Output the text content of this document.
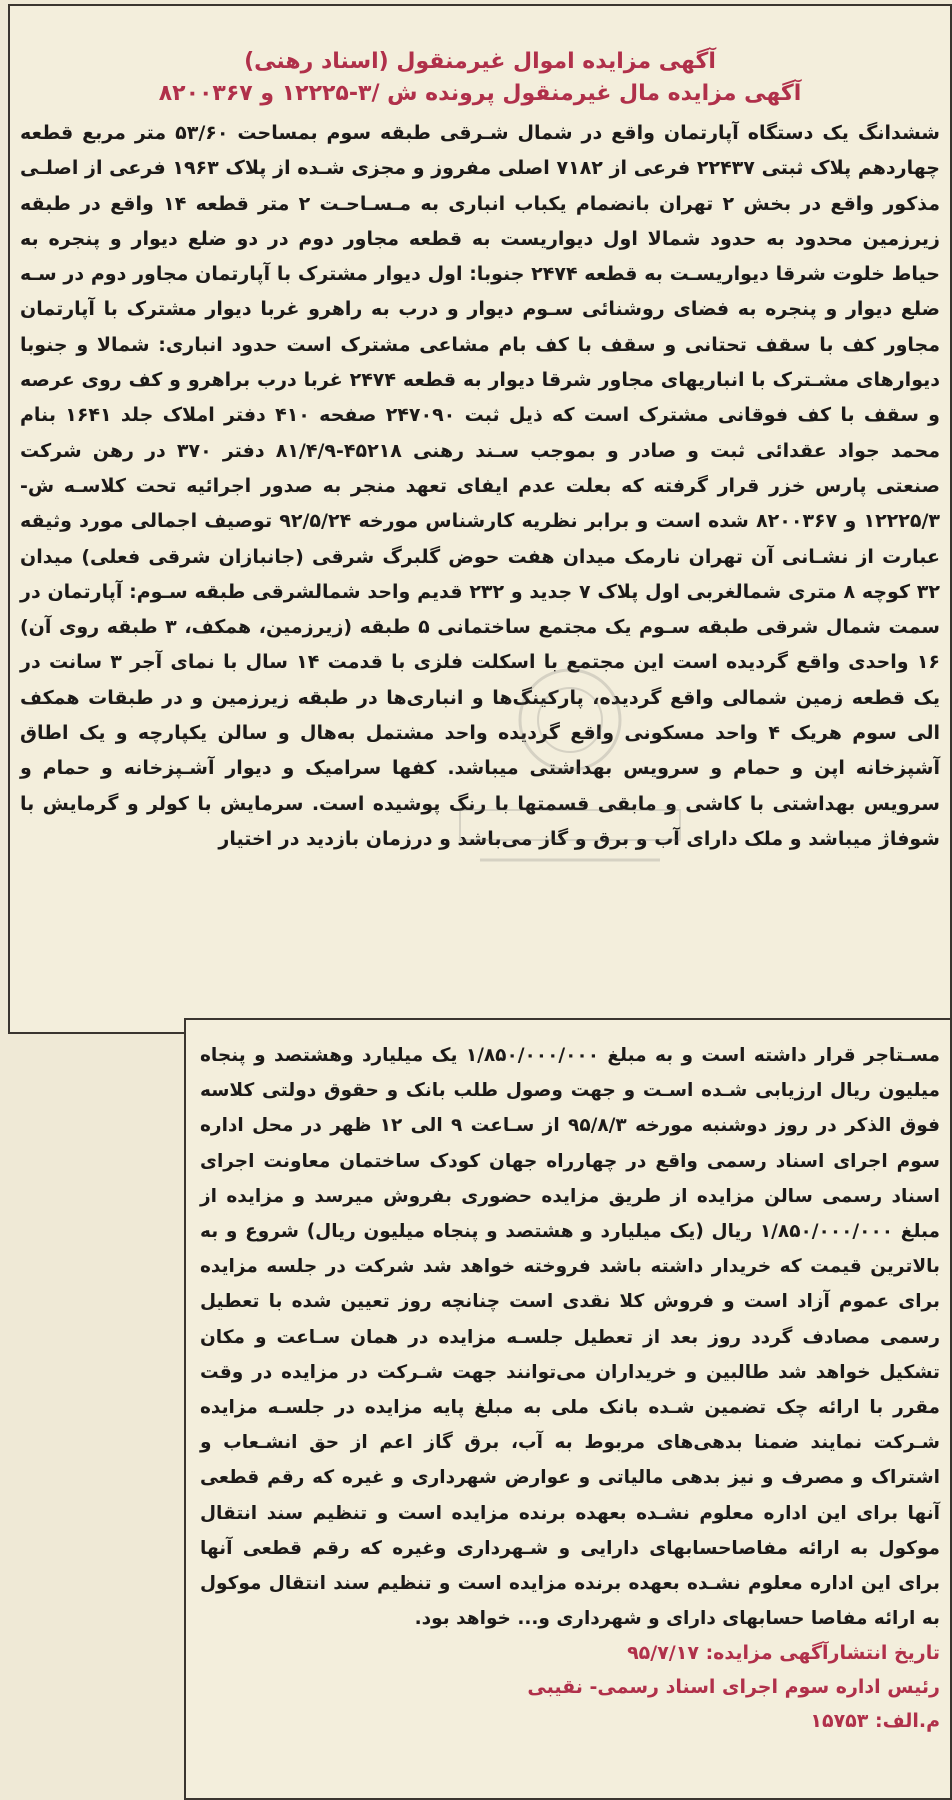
آگهی مزایده اموال غیرمنقول (اسناد رهنی)

آگهی مزایده مال غیرمنقول پرونده ش /۳-۱۲۲۲۵ و ۸۲۰۰۳۶۷

ششدانگ یک دستگاه آپارتمان واقع در شمال شـرقی طبقه سوم بمساحت ۵۳/۶۰ متر مربع قطعه چهاردهم پلاک ثبتی ۲۲۴۳۷ فرعی از ۷۱۸۲ اصلی مفروز و مجزی شـده از پلاک ۱۹۶۳ فرعی از اصلـی مذکور واقع در بخش ۲ تهران بانضمام یکباب انباری به مـسـاحـت ۲ متر قطعه ۱۴ واقع در طبقه زیرزمین محدود به حدود شمالا اول دیواریست به قطعه مجاور دوم در دو ضلع دیوار و پنجره به حیاط خلوت شرقا دیواریسـت به قطعه ۲۴۷۴ جنوبا: اول دیوار مشترک با آپارتمان مجاور دوم در سـه ضلع دیوار و پنجره به فضای روشنائی سـوم دیوار و درب به راهرو غربا دیوار مشترک با آپارتمان مجاور کف با سقف تحتانی و سقف با کف بام مشاعی مشترک است حدود انباری: شمالا و جنوبا دیوارهای مشـترک با انباریهای مجاور شرقا دیوار به قطعه ۲۴۷۴ غربا درب براهرو و کف روی عرصه و سقف با کف فوقانی مشترک است که ذیل ثبت ۲۴۷۰۹۰ صفحه ۴۱۰ دفتر املاک جلد ۱۶۴۱ بنام محمد جواد عقدائی ثبت و صادر و بموجب سـند رهنی ۴۵۲۱۸-۸۱/۴/۹ دفتر ۳۷۰ در رهن شرکت صنعتی پارس خزر قرار گرفته که بعلت عدم ایفای تعهد منجر به صدور اجرائیه تحت کلاسـه ش- ۱۲۲۲۵/۳ و ۸۲۰۰۳۶۷ شده است و برابر نظریه کارشناس مورخه ۹۲/۵/۲۴ توصیف اجمالی مورد وثیقه عبارت از نشـانی آن تهران نارمک میدان هفت حوض گلبرگ شرقی (جانبازان شرقی فعلی) میدان ۳۲ کوچه ۸ متری شمالغربی اول پلاک ۷ جدید و ۲۳۲ قدیم واحد شمالشرقی طبقه سـوم: آپارتمان در سمت شمال شرقی طبقه سـوم یک مجتمع ساختمانی ۵ طبقه (زیرزمین، همکف، ۳ طبقه روی آن) ۱۶ واحدی واقع گردیده است این مجتمع با اسکلت فلزی با قدمت ۱۴ سال با نمای آجر ۳ سانت در یک قطعه زمین شمالی واقع گردیده، پارکینگ‌ها و انباری‌ها در طبقه زیرزمین و در طبقات همکف الی سوم هریک ۴ واحد مسکونی واقع گردیده واحد مشتمل به‌هال و سالن یکپارچه و یک اطاق آشپزخانه اپن و حمام و سرویس بهداشتی میباشد. کفها سرامیک و دیوار آشـپزخانه و حمام و سرویس بهداشتی با کاشی و مابقی قسمتها با رنگ پوشیده است. سرمایش با کولر و گرمایش با شوفاژ میباشد و ملک دارای آب و برق و گاز می‌باشد و درزمان بازدید در اختیار

مسـتاجر قرار داشته است و به مبلغ ۱/۸۵۰/۰۰۰/۰۰۰ یک میلیارد وهشتصد و پنجاه میلیون ریال ارزیابی شـده اسـت و جهت وصول طلب بانک و حقوق دولتی کلاسه فوق الذکر در روز دوشنبه مورخه ۹۵/۸/۳ از سـاعت ۹ الی ۱۲ ظهر در محل اداره سوم اجرای اسناد رسمی واقع در چهارراه جهان کودک ساختمان معاونت اجرای اسناد رسمی سالن مزایده از طریق مزایده حضوری بفروش میرسد و مزایده از مبلغ ۱/۸۵۰/۰۰۰/۰۰۰ ریال (یک میلیارد و هشتصد و پنجاه میلیون ریال) شروع و به بالاترین قیمت که خریدار داشته باشد فروخته خواهد شد شرکت در جلسه مزایده برای عموم آزاد است و فروش کلا نقدی است چنانچه روز تعیین شده با تعطیل رسمی مصادف گردد روز بعد از تعطیل جلسـه مزایده در همان سـاعت و مکان تشکیل خواهد شد طالبین و خریداران می‌توانند جهت شـرکت در مزایده در وقت مقرر با ارائه چک تضمین شـده بانک ملی به مبلغ پایه مزایده در جلسـه مزایده شـرکت نمایند ضمنا بدهی‌های مربوط به آب، برق گاز اعم از حق انشـعاب و اشتراک و مصرف و نیز بدهی مالیاتی و عوارض شهرداری و غیره که رقم قطعی آنها برای این اداره معلوم نشـده بعهده برنده مزایده است و تنظیم سند انتقال موکول به ارائه مفاصاحسابهای دارایی و شـهرداری وغیره که رقم قطعی آنها برای این اداره معلوم نشـده بعهده برنده مزایده است و تنظیم سند انتقال موکول به ارائه مفاصا حسابهای دارای و شهرداری و... خواهد بود.

تاریخ انتشارآگهی مزایده: ۹۵/۷/۱۷

رئیس اداره سوم اجرای اسناد رسمی- نقیبی

م.الف: ۱۵۷۵۳
